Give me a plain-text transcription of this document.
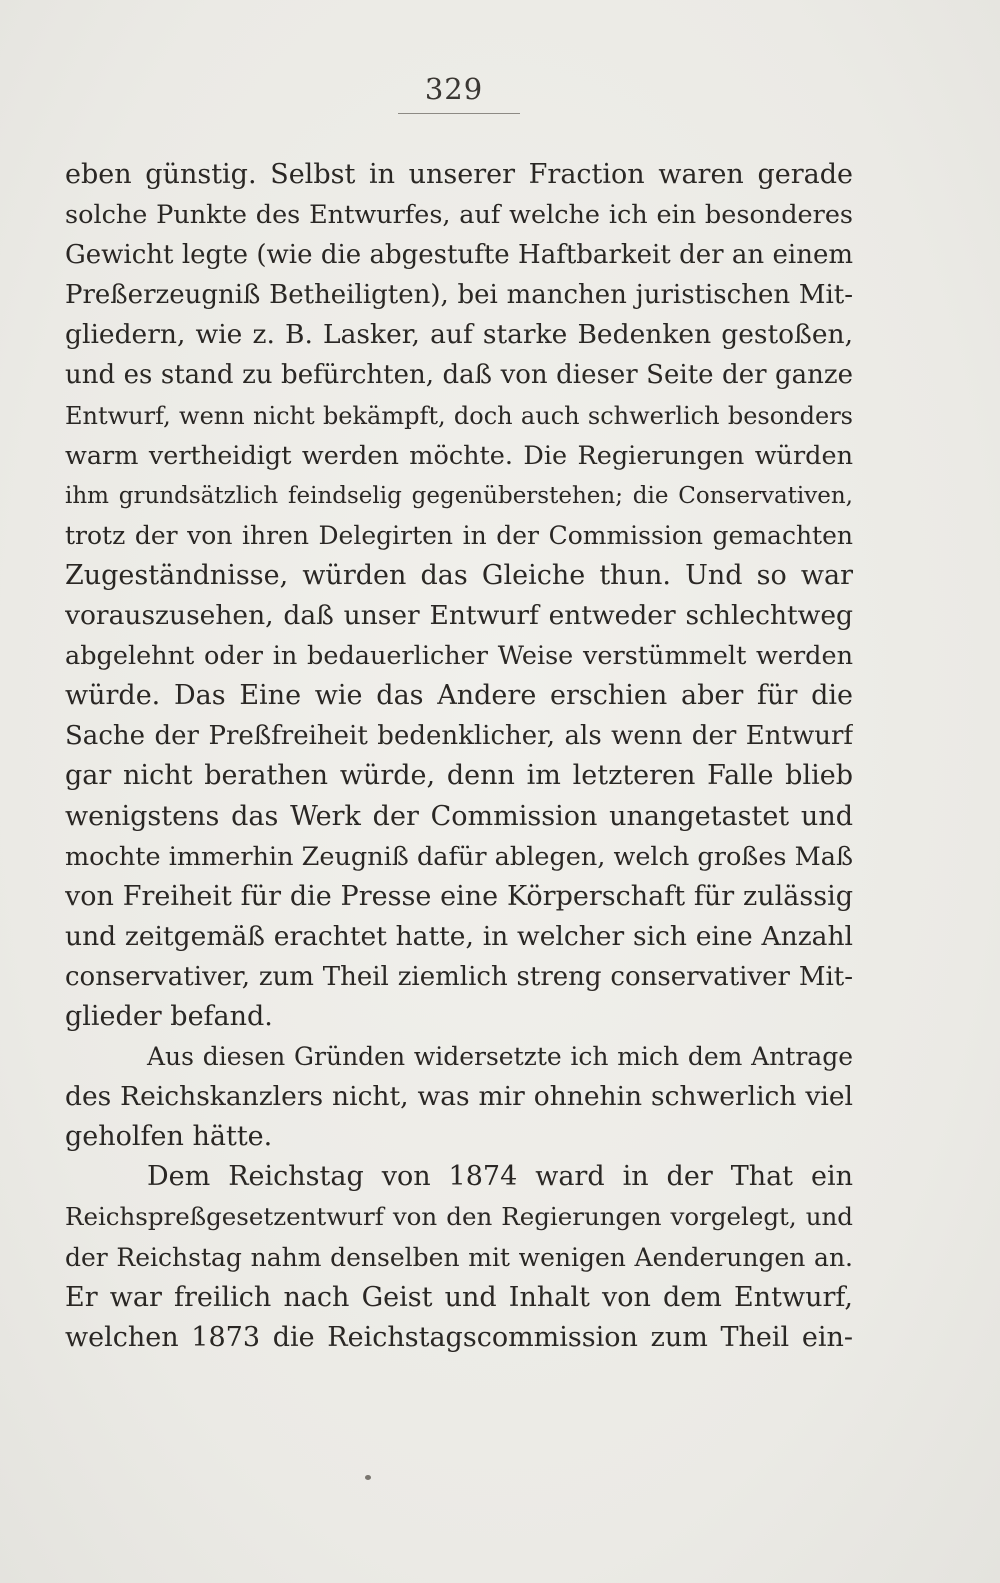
329
eben günstig. Selbst in unserer Fraction waren gerade
solche Punkte des Entwurfes, auf welche ich ein besonderes
Gewicht legte (wie die abgestufte Haftbarkeit der an einem
Preßerzeugniß Betheiligten), bei manchen juristischen Mit-
gliedern, wie z. B. Lasker, auf starke Bedenken gestoßen,
und es stand zu befürchten, daß von dieser Seite der ganze
Entwurf, wenn nicht bekämpft, doch auch schwerlich besonders
warm vertheidigt werden möchte. Die Regierungen würden
ihm grundsätzlich feindselig gegenüberstehen; die Conservativen,
trotz der von ihren Delegirten in der Commission gemachten
Zugeständnisse, würden das Gleiche thun. Und so war
vorauszusehen, daß unser Entwurf entweder schlechtweg
abgelehnt oder in bedauerlicher Weise verstümmelt werden
würde. Das Eine wie das Andere erschien aber für die
Sache der Preßfreiheit bedenklicher, als wenn der Entwurf
gar nicht berathen würde, denn im letzteren Falle blieb
wenigstens das Werk der Commission unangetastet und
mochte immerhin Zeugniß dafür ablegen, welch großes Maß
von Freiheit für die Presse eine Körperschaft für zulässig
und zeitgemäß erachtet hatte, in welcher sich eine Anzahl
conservativer, zum Theil ziemlich streng conservativer Mit-
glieder befand.
Aus diesen Gründen widersetzte ich mich dem Antrage
des Reichskanzlers nicht, was mir ohnehin schwerlich viel
geholfen hätte.
Dem Reichstag von 1874 ward in der That ein
Reichspreßgesetzentwurf von den Regierungen vorgelegt, und
der Reichstag nahm denselben mit wenigen Aenderungen an.
Er war freilich nach Geist und Inhalt von dem Entwurf,
welchen 1873 die Reichstagscommission zum Theil ein-
